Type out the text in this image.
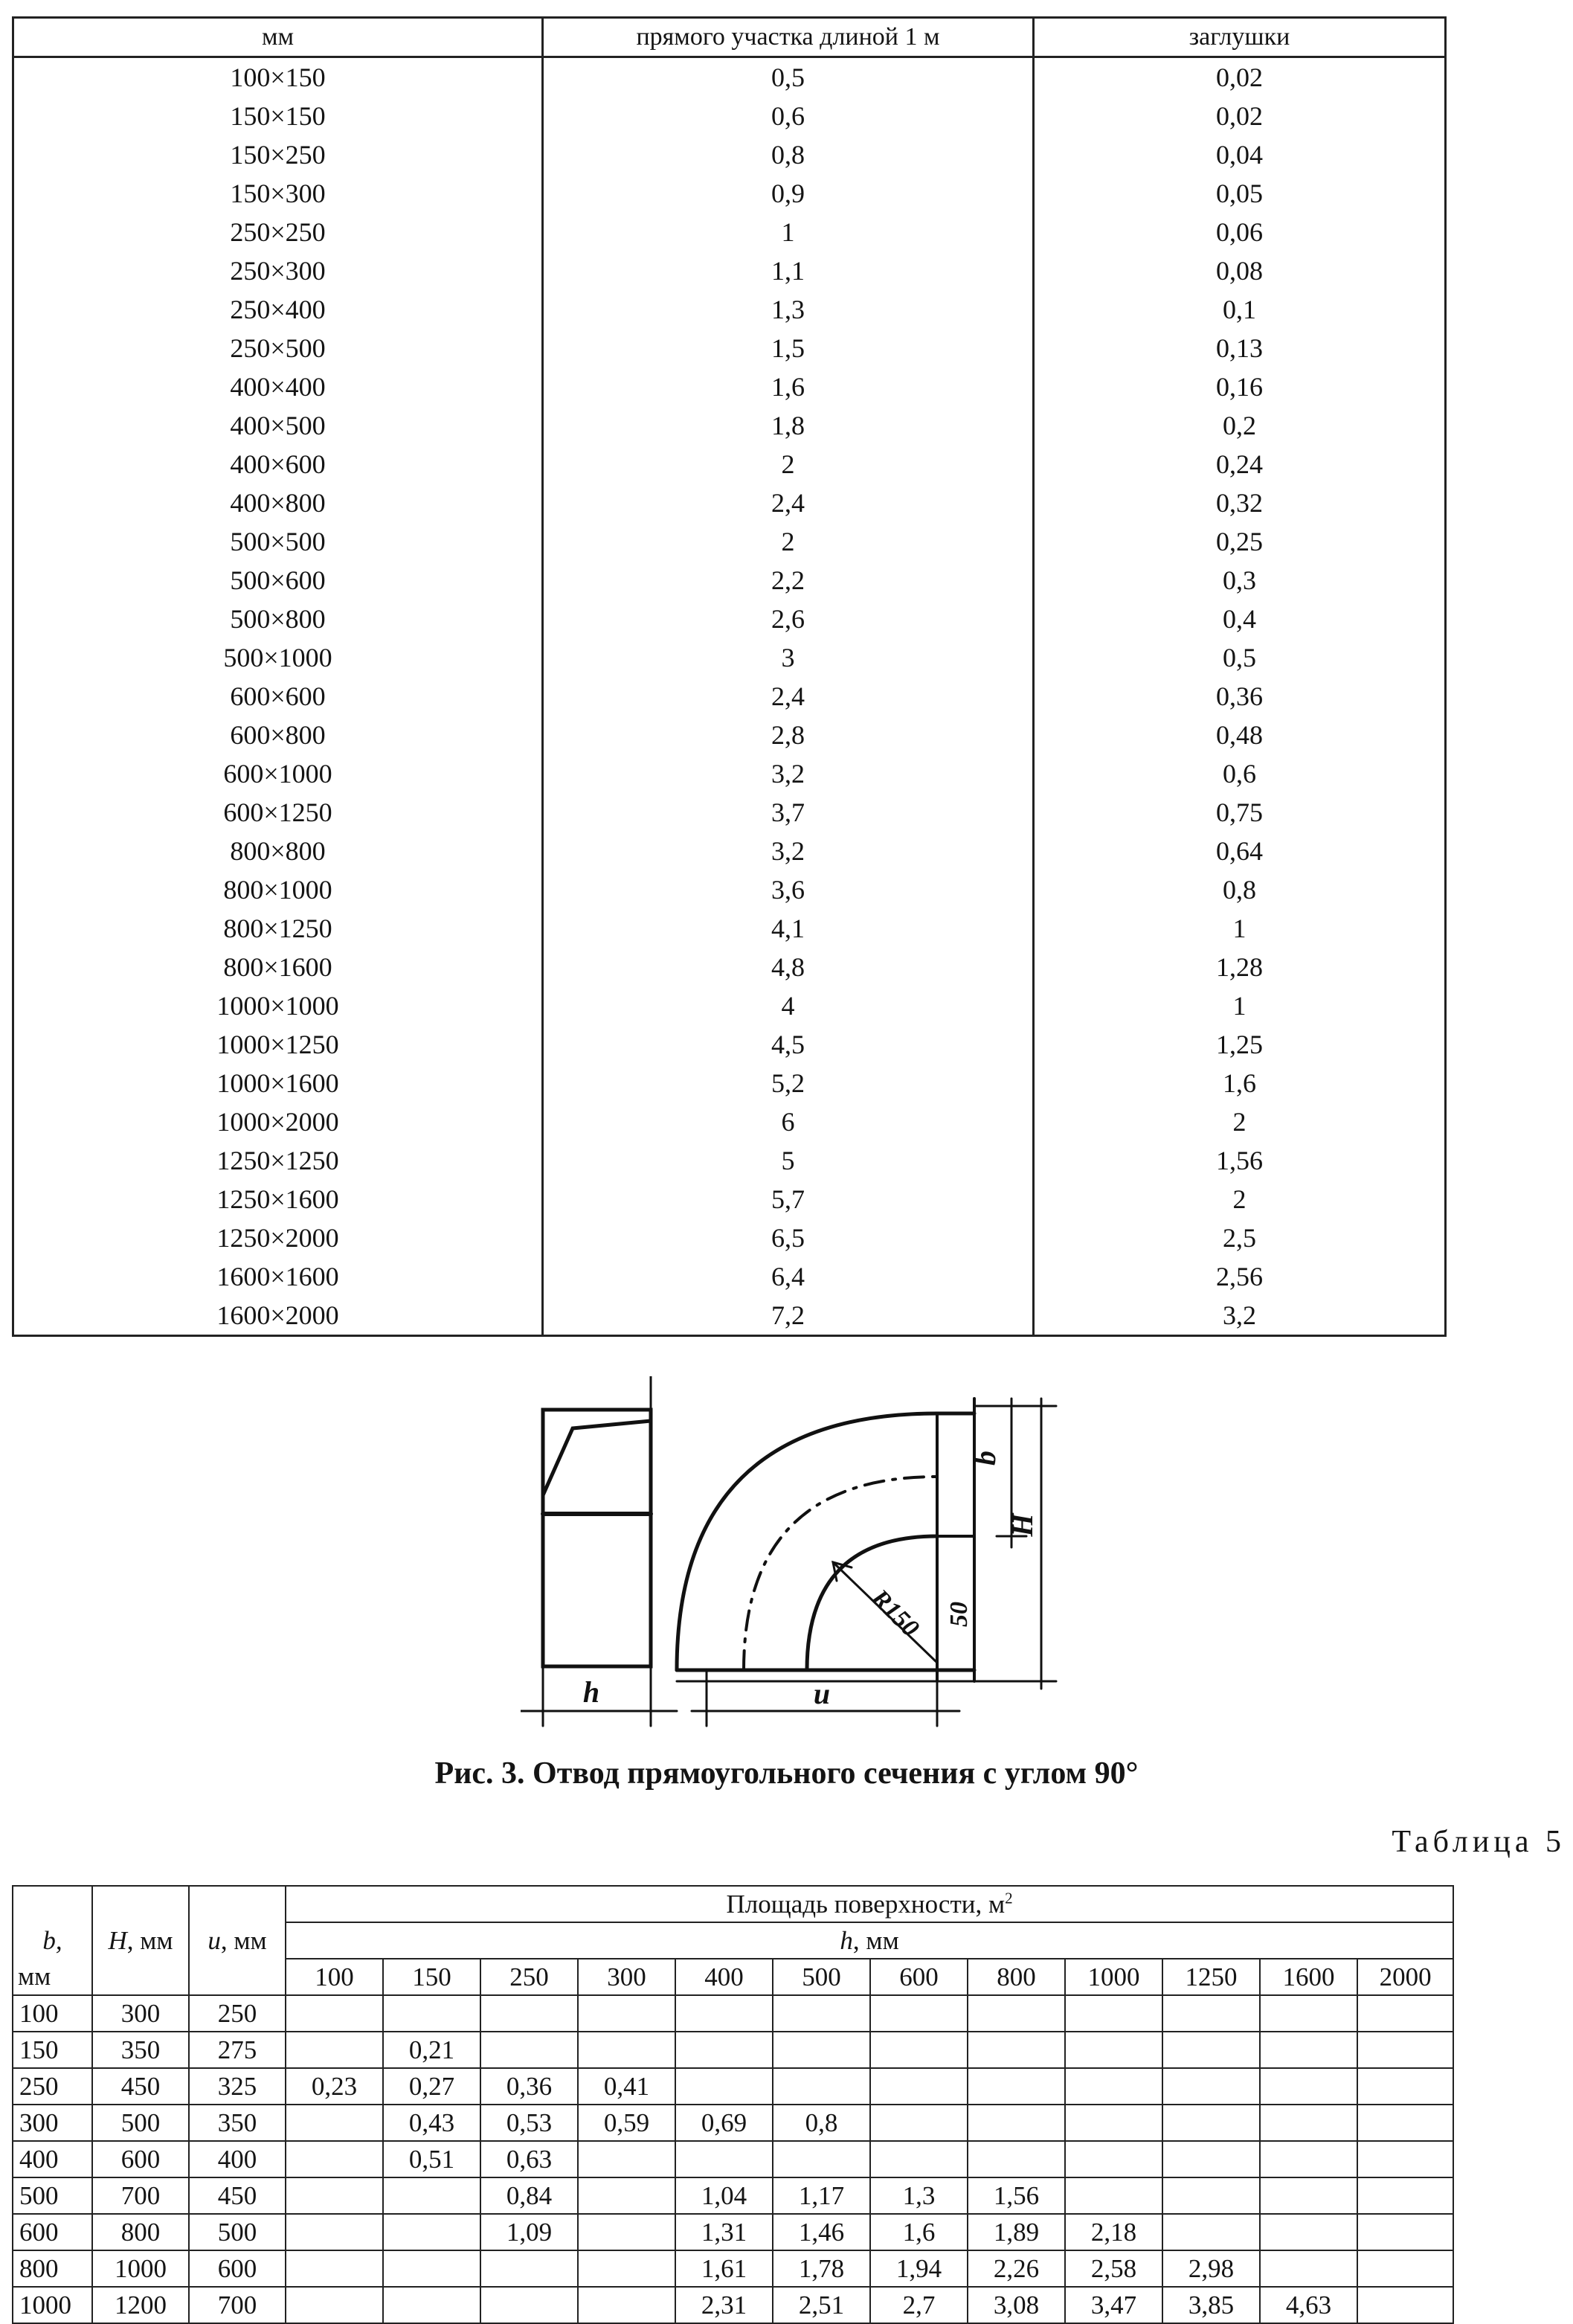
мм	прямого участка длиной 1 м	заглушки
100×150	0,5	0,02
150×150	0,6	0,02
150×250	0,8	0,04
150×300	0,9	0,05
250×250	1	0,06
250×300	1,1	0,08
250×400	1,3	0,1
250×500	1,5	0,13
400×400	1,6	0,16
400×500	1,8	0,2
400×600	2	0,24
400×800	2,4	0,32
500×500	2	0,25
500×600	2,2	0,3
500×800	2,6	0,4
500×1000	3	0,5
600×600	2,4	0,36
600×800	2,8	0,48
600×1000	3,2	0,6
600×1250	3,7	0,75
800×800	3,2	0,64
800×1000	3,6	0,8
800×1250	4,1	1
800×1600	4,8	1,28
1000×1000	4	1
1000×1250	4,5	1,25
1000×1600	5,2	1,6
1000×2000	6	2
1250×1250	5	1,56
1250×1600	5,7	2
1250×2000	6,5	2,5
1600×1600	6,4	2,56
1600×2000	7,2	3,2
b
H
R150 50
h	u
Рис. 3. Отвод прямоугольного сечения с углом 90°
Таблица 5
			Площадь поверхности, $м^2$
b,	H, мм	u, мм	h, мм											
мм			100	150	250	300	400	500	600	800	1000	1250	1600	2000
100	300	250												
150	350	275		0,21										
250	450	325	0,23	0,27	0,36	0,41								
300	500	350		0,43	0,53	0,59	0,69	0,8						
400	600	400		0,51	0,63									
500	700	450			0,84		1,04	1,17	1,3	1,56				
600	800	500			1,09		1,31	1,46	1,6	1,89	2,18			
800	1000	600					1,61	1,78	1,94	2,26	2,58	2,98		
1000	1200	700					2,31	2,51	2,7	3,08	3,47	3,85	4,63	
